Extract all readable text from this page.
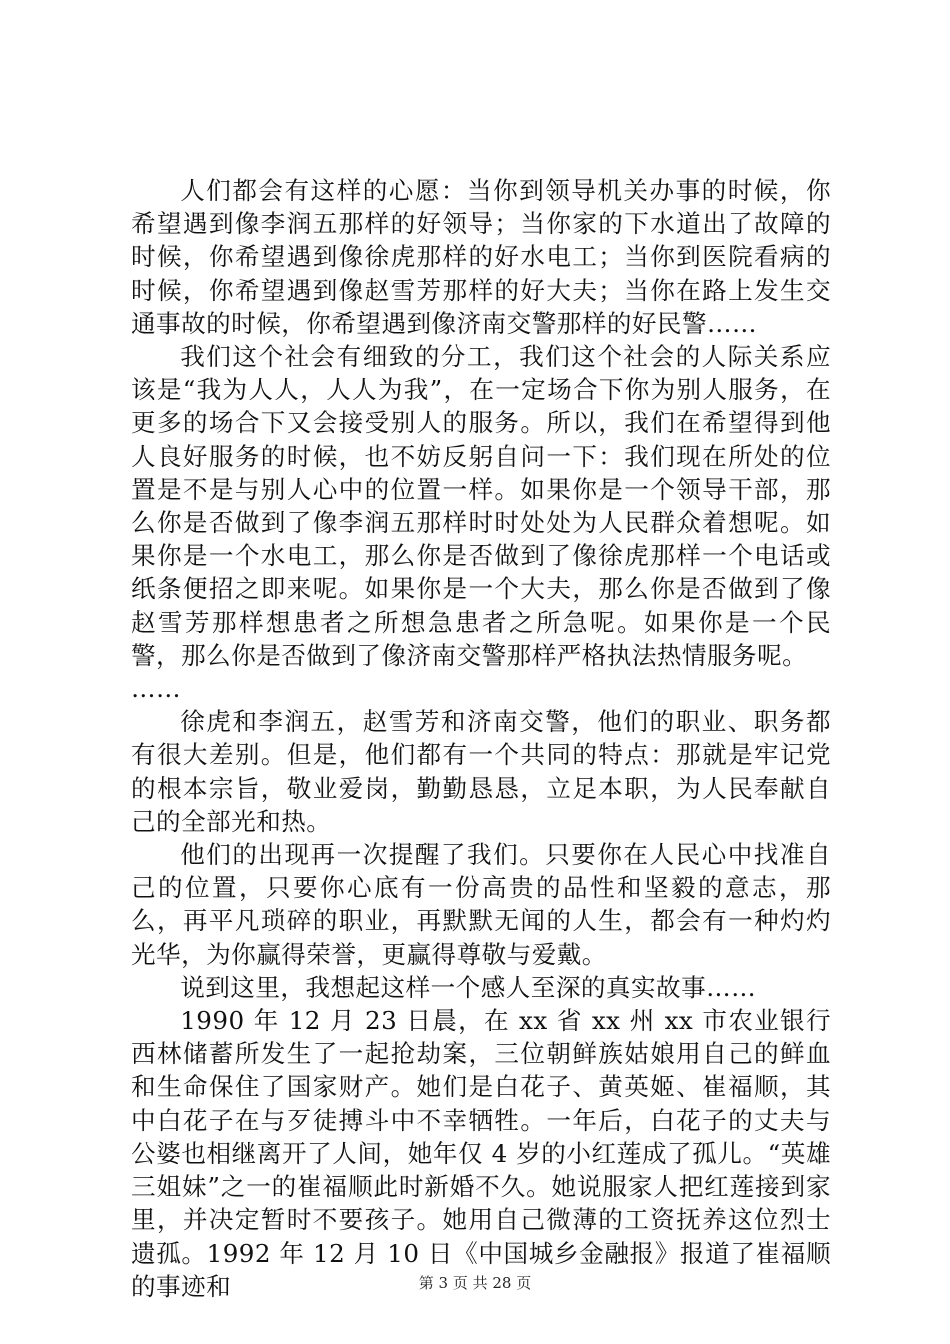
人们都会有这样的心愿：当你到领导机关办事的时候，你希望遇到像李润五那样的好领导；当你家的下水道出了故障的时候，你希望遇到像徐虎那样的好水电工；当你到医院看病的时候，你希望遇到像赵雪芳那样的好大夫；当你在路上发生交通事故的时候，你希望遇到像济南交警那样的好民警……

我们这个社会有细致的分工，我们这个社会的人际关系应该是“我为人人，人人为我”，在一定场合下你为别人服务，在更多的场合下又会接受别人的服务。所以，我们在希望得到他人良好服务的时候，也不妨反躬自问一下：我们现在所处的位置是不是与别人心中的位置一样。如果你是一个领导干部，那么你是否做到了像李润五那样时时处处为人民群众着想呢。如果你是一个水电工，那么你是否做到了像徐虎那样一个电话或纸条便招之即来呢。如果你是一个大夫，那么你是否做到了像赵雪芳那样想患者之所想急患者之所急呢。如果你是一个民警，那么你是否做到了像济南交警那样严格执法热情服务呢。

……

徐虎和李润五，赵雪芳和济南交警，他们的职业、职务都有很大差别。但是，他们都有一个共同的特点：那就是牢记党的根本宗旨，敬业爱岗，勤勤恳恳，立足本职，为人民奉献自己的全部光和热。

他们的出现再一次提醒了我们。只要你在人民心中找准自己的位置，只要你心底有一份高贵的品性和坚毅的意志，那么，再平凡琐碎的职业，再默默无闻的人生，都会有一种灼灼光华，为你赢得荣誉，更赢得尊敬与爱戴。

说到这里，我想起这样一个感人至深的真实故事……

1990 年 12 月 23 日晨，在 xx 省 xx 州 xx 市农业银行西林储蓄所发生了一起抢劫案，三位朝鲜族姑娘用自己的鲜血和生命保住了国家财产。她们是白花子、黄英姬、崔福顺，其中白花子在与歹徒搏斗中不幸牺牲。一年后，白花子的丈夫与公婆也相继离开了人间，她年仅 4 岁的小红莲成了孤儿。“英雄三姐妹”之一的崔福顺此时新婚不久。她说服家人把红莲接到家里，并决定暂时不要孩子。她用自己微薄的工资抚养这位烈士遗孤。1992 年 12 月 10 日《中国城乡金融报》报道了崔福顺的事迹和	第 3 页 共 28 页
